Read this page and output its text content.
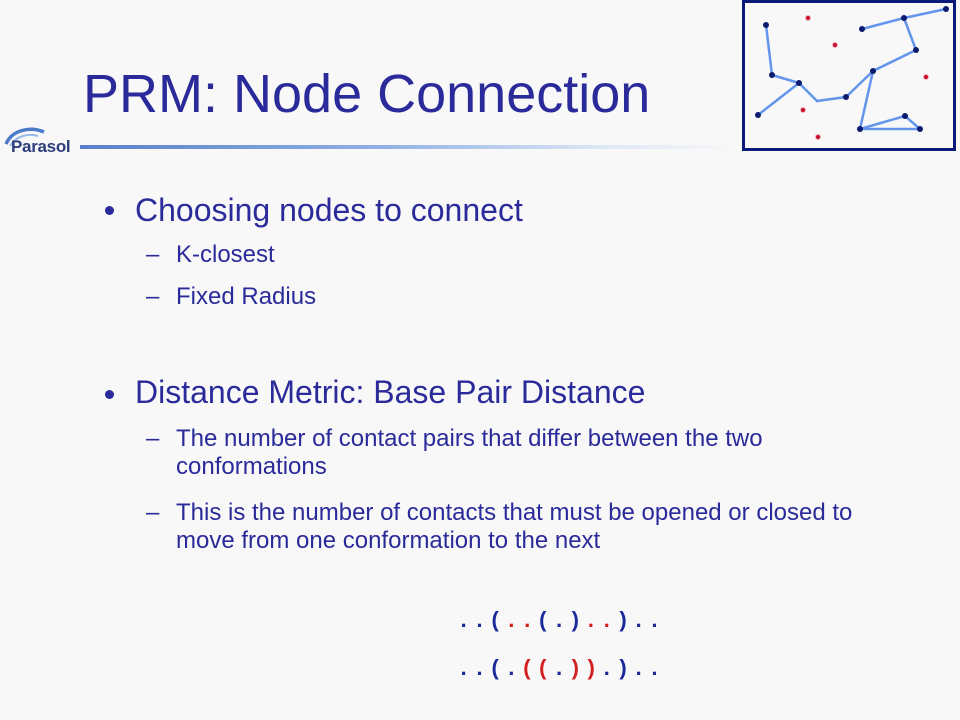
PRM: Node Connection
Parasol
Choosing nodes to connect
– K-closest
– Fixed Radius
Distance Metric: Base Pair Distance
– The number of contact pairs that differ between the two conformations
– This is the number of contacts that must be opened or closed to move from one conformation to the next
..(..(.)..)..
..(.((.)).)..
